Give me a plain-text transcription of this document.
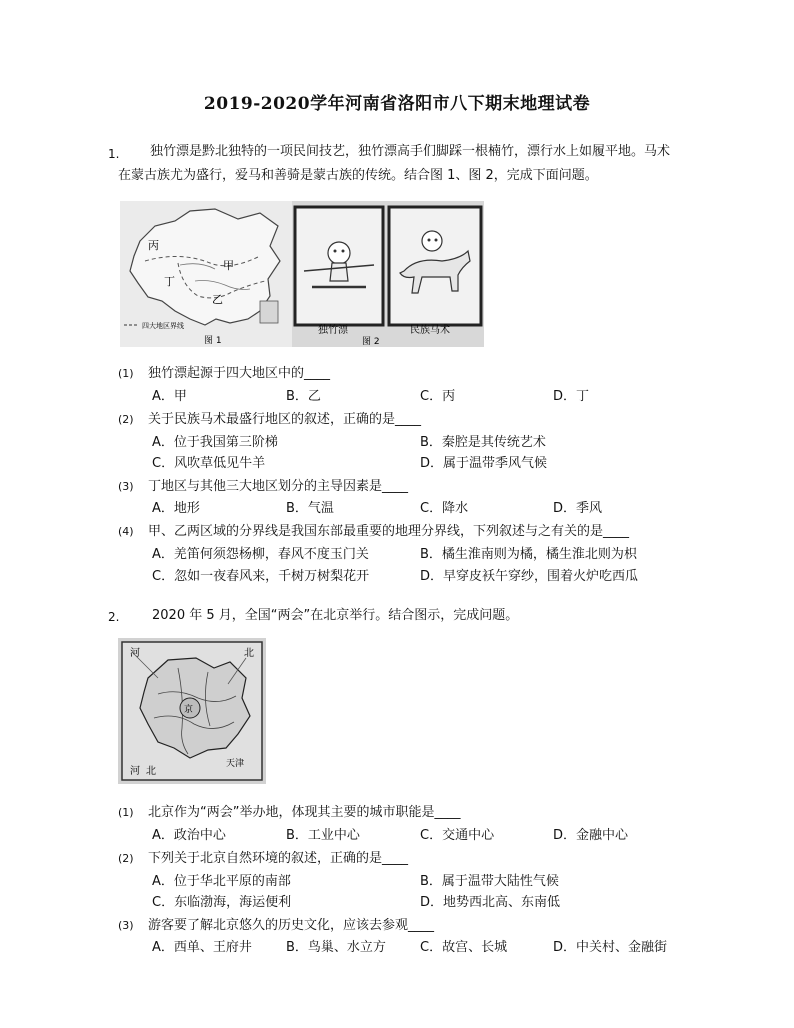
2019-2020学年河南省洛阳市八下期末地理试卷
1. 独竹漂是黔北独特的一项民间技艺，独竹漂高手们脚踩一根楠竹，漂行水上如履平地。马术
在蒙古族尤为盛行，爱马和善骑是蒙古族的传统。结合图 1、图 2，完成下面问题。
丙
甲
丁
乙
四大地区界线
图 1
独竹漂	民族马术
图 2
(1) 独竹漂起源于四大地区中的____
A．甲	B．乙	C．丙	D．丁
(2) 关于民族马术最盛行地区的叙述，正确的是____
A．位于我国第三阶梯	B．秦腔是其传统艺术
C．风吹草低见牛羊	D．属于温带季风气候
(3) 丁地区与其他三大地区划分的主导因素是____
A．地形	B．气温	C．降水	D．季风
(4) 甲、乙两区域的分界线是我国东部最重要的地理分界线，下列叙述与之有关的是____
A．羌笛何须怨杨柳，春风不度玉门关	B．橘生淮南则为橘，橘生淮北则为枳
C．忽如一夜春风来，千树万树梨花开	D．早穿皮袄午穿纱，围着火炉吃西瓜
2.	2020 年 5 月，全国“两会”在北京举行。结合图示，完成问题。
河	北
京
河 北
天津
(1) 北京作为“两会”举办地，体现其主要的城市职能是____
A．政治中心	B．工业中心	C．交通中心	D．金融中心
(2) 下列关于北京自然环境的叙述，正确的是____
A．位于华北平原的南部	B．属于温带大陆性气候
C．东临渤海，海运便利	D．地势西北高、东南低
(3) 游客要了解北京悠久的历史文化，应该去参观____
A．西单、王府井	B．鸟巢、水立方	C．故宫、长城	D．中关村、金融街
